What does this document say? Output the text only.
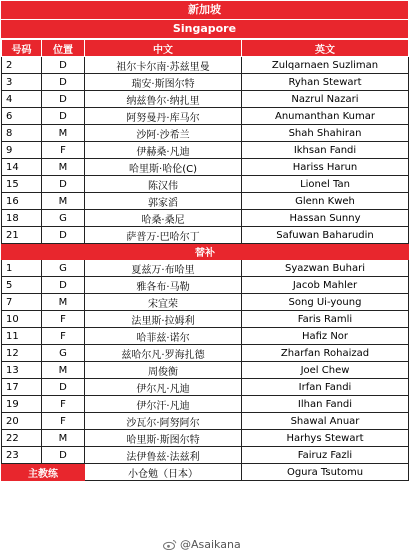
新加坡
Singapore
号码	位置	中文	英文
2	D	祖尔卡尔南·苏兹里曼	Zulqarnaen Suzliman
3	D	瑞安·斯图尔特	Ryhan Stewart
4	D	纳兹鲁尔·纳扎里	Nazrul Nazari
6	D	阿努曼丹·库马尔	Anumanthan Kumar
8	M	沙阿·沙希兰	Shah Shahiran
9	F	伊赫桑·凡迪	Ikhsan Fandi
14	M	哈里斯·哈伦(C)	Hariss Harun
15	D	陈汉伟	Lionel Tan
16	M	郭家滔	Glenn Kweh
18	G	哈桑·桑尼	Hassan Sunny
21	D	萨普万·巴哈尔丁	Safuwan Baharudin
替补			
1	G	夏兹万·布哈里	Syazwan Buhari
5	D	雅各布·马勒	Jacob Mahler
7	M	宋宜荣	Song Ui-young
10	F	法里斯·拉姆利	Faris Ramli
11	F	哈菲兹·诺尔	Hafiz Nor
12	G	兹哈尔凡·罗海扎德	Zharfan Rohaizad
13	M	周俊衡	Joel Chew
17	D	伊尔凡·凡迪	Irfan Fandi
19	F	伊尔汗·凡迪	Ilhan Fandi
20	F	沙瓦尔·阿努阿尔	Shawal Anuar
22	M	哈里斯·斯图尔特	Harhys Stewart
23	D	法伊鲁兹·法兹利	Fairuz Fazli
主教练		小仓勉（日本）	Ogura Tsutomu
@Asaikana
